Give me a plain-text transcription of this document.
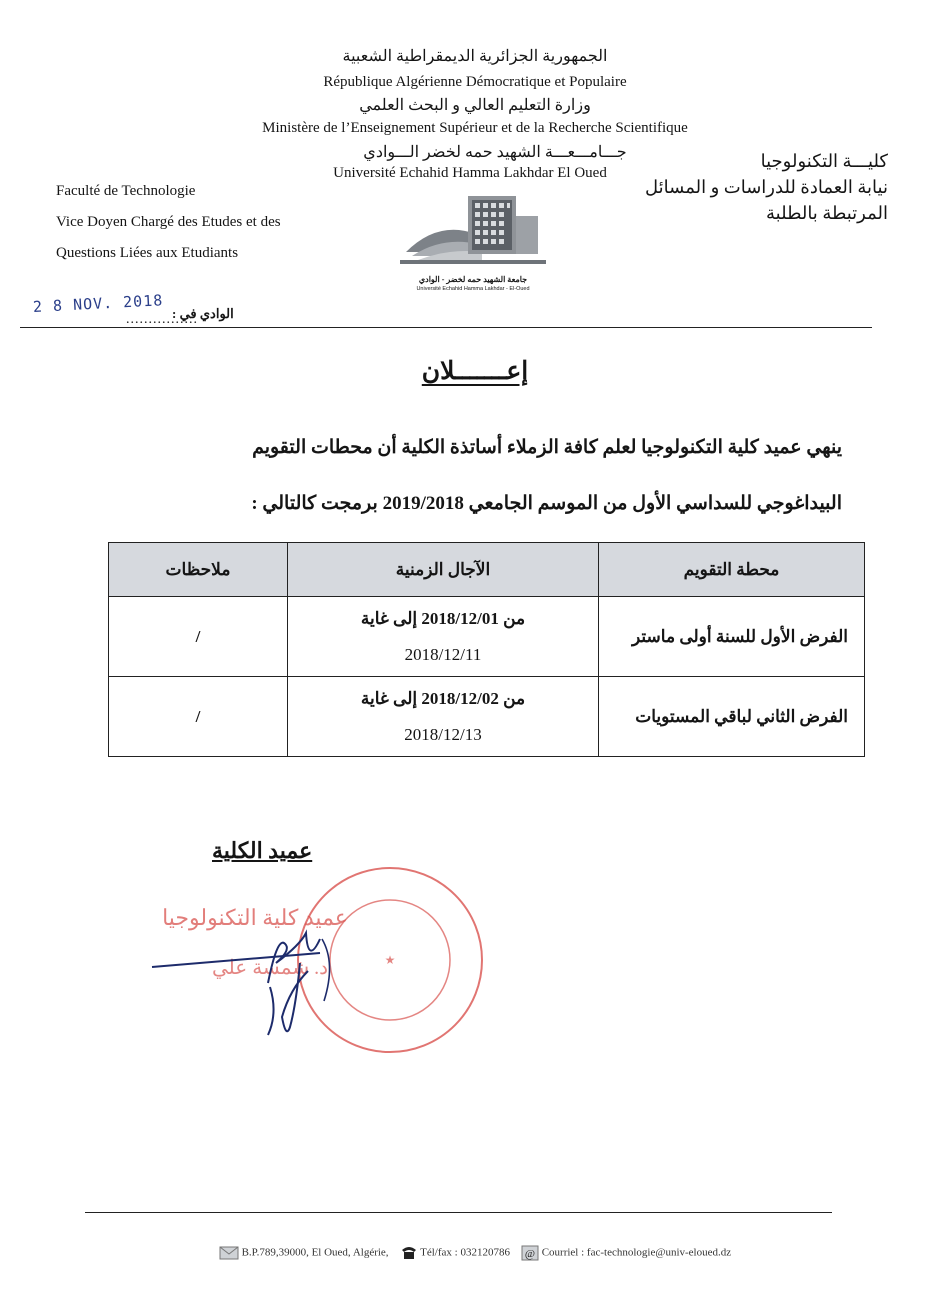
الجمهورية الجزائرية الديمقراطية الشعبية
République Algérienne Démocratique et Populaire
وزارة التعليم العالي و البحث العلمي
Ministère de l’Enseignement Supérieur et de la Recherche Scientifique
جـــامـــعـــة الشهيد حمه لخضر الـــوادي
Université Echahid Hamma Lakhdar El Oued
Faculté de Technologie
Vice Doyen Chargé des Etudes et des
Questions Liées aux Etudiants
كليـــة التكنولوجيا
نيابة العمادة للدراسات و المسائل
المرتبطة بالطلبة
جامعة الشهيد حمه لخضر - الوادي
Université Echahid Hamma Lakhdar - El-Oued
2 8 NOV. 2018
................
الوادي في :
إعـــــــلان
ينهي عميد كلية التكنولوجيا لعلم كافة الزملاء أساتذة الكلية أن محطات التقويم
البيداغوجي للسداسي الأول من الموسم الجامعي 2019/2018 برمجت كالتالي :
محطة التقويم	الآجال الزمنية	ملاحظات
الفرض الأول للسنة أولى ماستر	من 2018/12/01 إلى غاية
2018/12/11	/
الفرض الثاني لباقي المستويات	من 2018/12/02 إلى غاية
2018/12/13	/
عميد الكلية
★
عميد كلية التكنولوجيا
د. شمسة علي
B.P.789,39000, El Oued, Algérie,	Tél/fax : 032120786 @ Courriel : fac-technologie@univ-eloued.dz
